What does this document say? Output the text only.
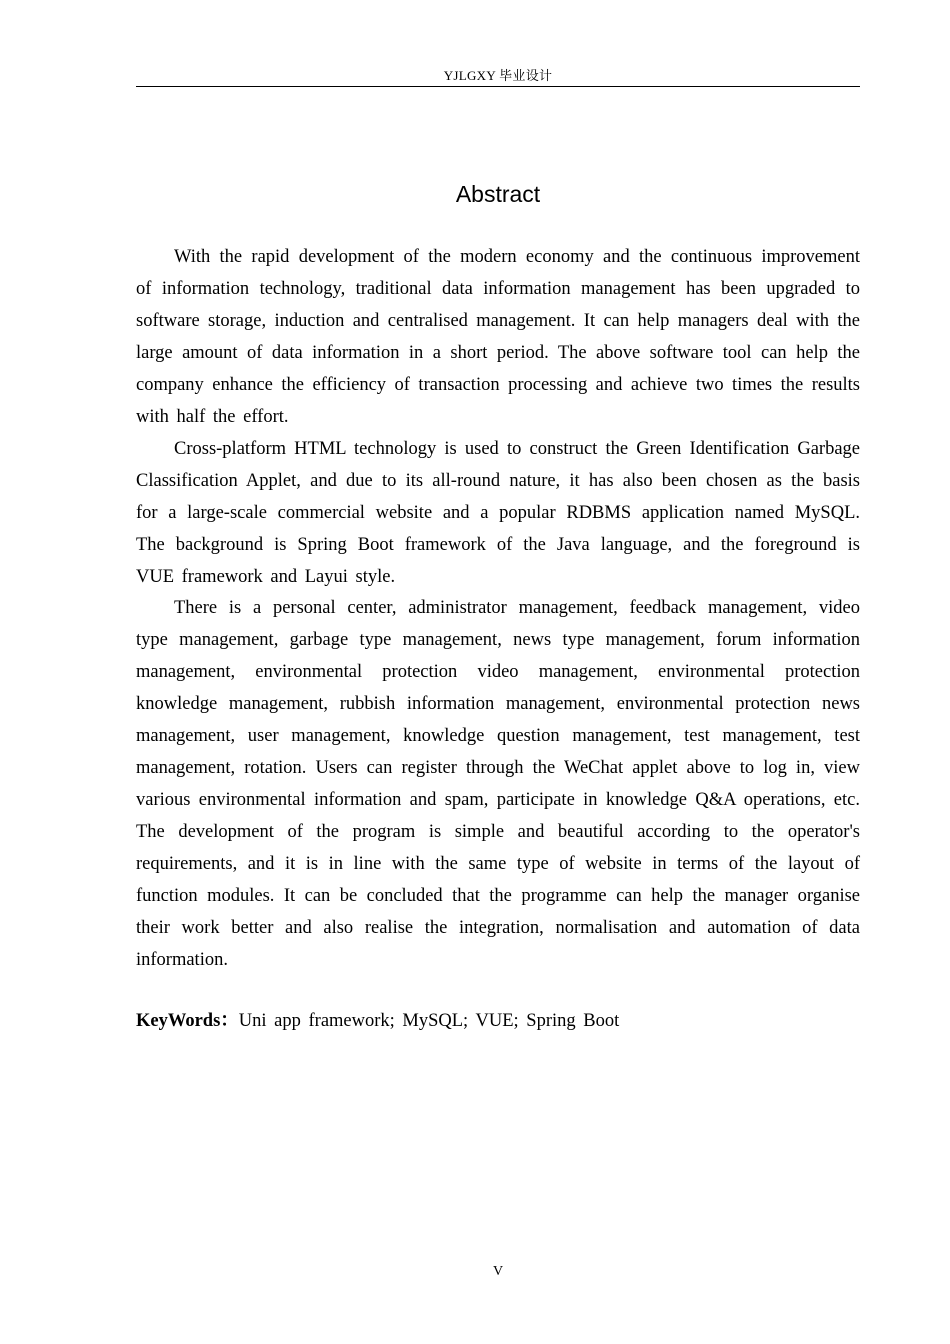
YJLGXY 毕业设计
Abstract

With the rapid development of the modern economy and the continuous improvement of information technology, traditional data information management has been upgraded to software storage, induction and centralised management. It can help managers deal with the large amount of data information in a short period. The above software tool can help the company enhance the efficiency of transaction processing and achieve two times the results with half the effort.

Cross-platform HTML technology is used to construct the Green Identification Garbage Classification Applet, and due to its all-round nature, it has also been chosen as the basis for a large-scale commercial website and a popular RDBMS application named MySQL. The background is Spring Boot framework of the Java language, and the foreground is VUE framework and Layui style.

There is a personal center, administrator management, feedback management, video type management, garbage type management, news type management, forum information management, environmental protection video management, environmental protection knowledge management, rubbish information management, environmental protection news management, user management, knowledge question management, test management, test management, rotation. Users can register through the WeChat applet above to log in, view various environmental information and spam, participate in knowledge Q&A operations, etc. The development of the program is simple and beautiful according to the operator's requirements, and it is in line with the same type of website in terms of the layout of function modules. It can be concluded that the programme can help the manager organise their work better and also realise the integration, normalisation and automation of data information.

KeyWords：Uni app framework; MySQL; VUE; Spring Boot
V
